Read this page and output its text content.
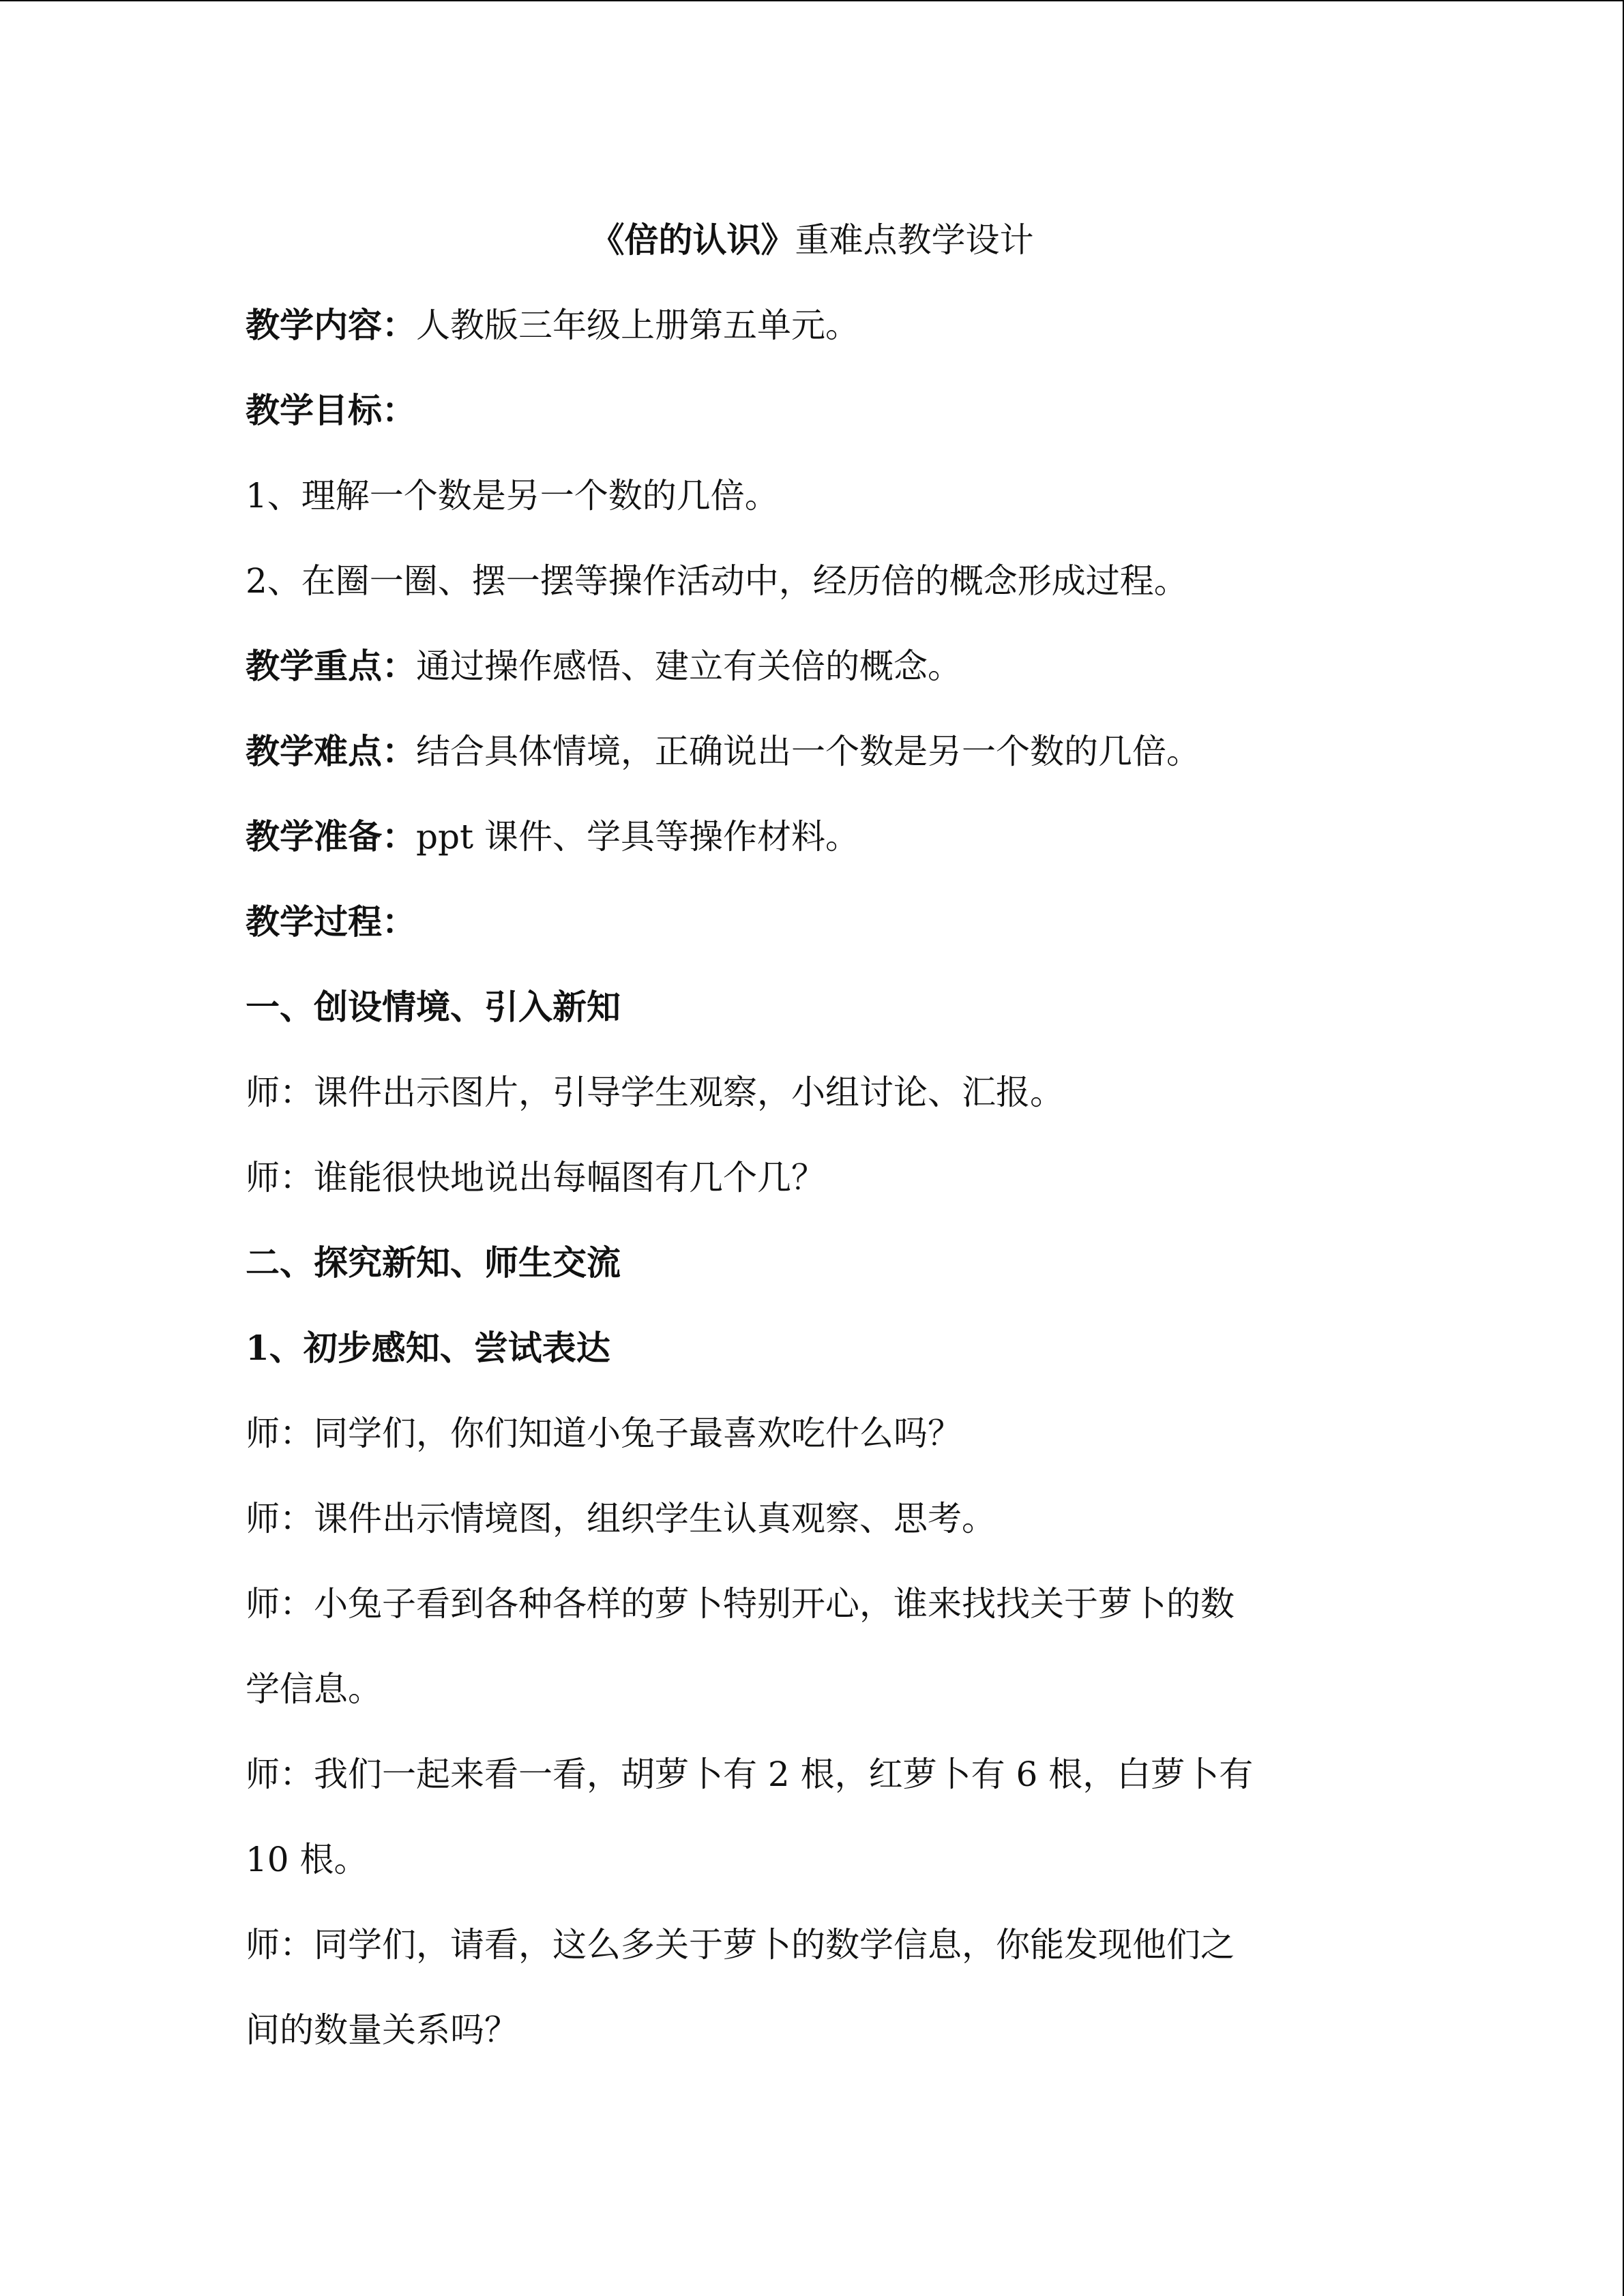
《倍的认识》重难点教学设计
教学内容：人教版三年级上册第五单元。
教学目标：
1、理解一个数是另一个数的几倍。
2、在圈一圈、摆一摆等操作活动中，经历倍的概念形成过程。
教学重点：通过操作感悟、建立有关倍的概念。
教学难点：结合具体情境，正确说出一个数是另一个数的几倍。
教学准备：ppt 课件、学具等操作材料。
教学过程：
一、创设情境、引入新知
师：课件出示图片，引导学生观察，小组讨论、汇报。
师：谁能很快地说出每幅图有几个几？
二、探究新知、师生交流
1、初步感知、尝试表达
师：同学们，你们知道小兔子最喜欢吃什么吗？
师：课件出示情境图，组织学生认真观察、思考。
师：小兔子看到各种各样的萝卜特别开心，谁来找找关于萝卜的数
学信息。
师：我们一起来看一看，胡萝卜有 2 根，红萝卜有 6 根，白萝卜有
10 根。
师：同学们，请看，这么多关于萝卜的数学信息，你能发现他们之
间的数量关系吗？
